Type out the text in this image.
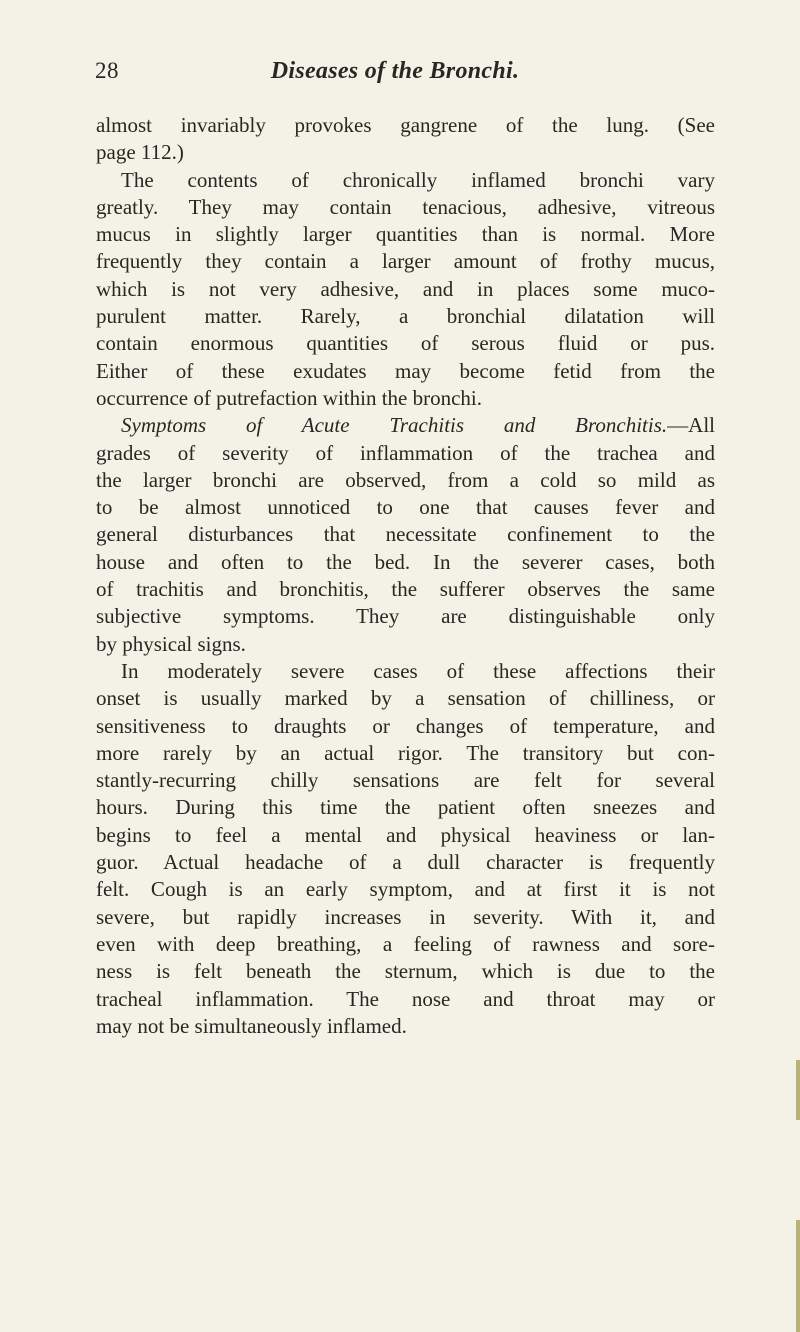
28	Diseases of the Bronchi.
almost invariably provokes gangrene of the lung. (See
page 112.)
The contents of chronically inflamed bronchi vary
greatly. They may contain tenacious, adhesive, vitreous
mucus in slightly larger quantities than is normal. More
frequently they contain a larger amount of frothy mucus,
which is not very adhesive, and in places some muco-
purulent matter. Rarely, a bronchial dilatation will
contain enormous quantities of serous fluid or pus.
Either of these exudates may become fetid from the
occurrence of putrefaction within the bronchi.
Symptoms of Acute Trachitis and Bronchitis.—All
grades of severity of inflammation of the trachea and
the larger bronchi are observed, from a cold so mild as
to be almost unnoticed to one that causes fever and
general disturbances that necessitate confinement to the
house and often to the bed. In the severer cases, both
of trachitis and bronchitis, the sufferer observes the same
subjective symptoms. They are distinguishable only
by physical signs.
In moderately severe cases of these affections their
onset is usually marked by a sensation of chilliness, or
sensitiveness to draughts or changes of temperature, and
more rarely by an actual rigor. The transitory but con-
stantly-recurring chilly sensations are felt for several
hours. During this time the patient often sneezes and
begins to feel a mental and physical heaviness or lan-
guor. Actual headache of a dull character is frequently
felt. Cough is an early symptom, and at first it is not
severe, but rapidly increases in severity. With it, and
even with deep breathing, a feeling of rawness and sore-
ness is felt beneath the sternum, which is due to the
tracheal inflammation. The nose and throat may or
may not be simultaneously inflamed.
